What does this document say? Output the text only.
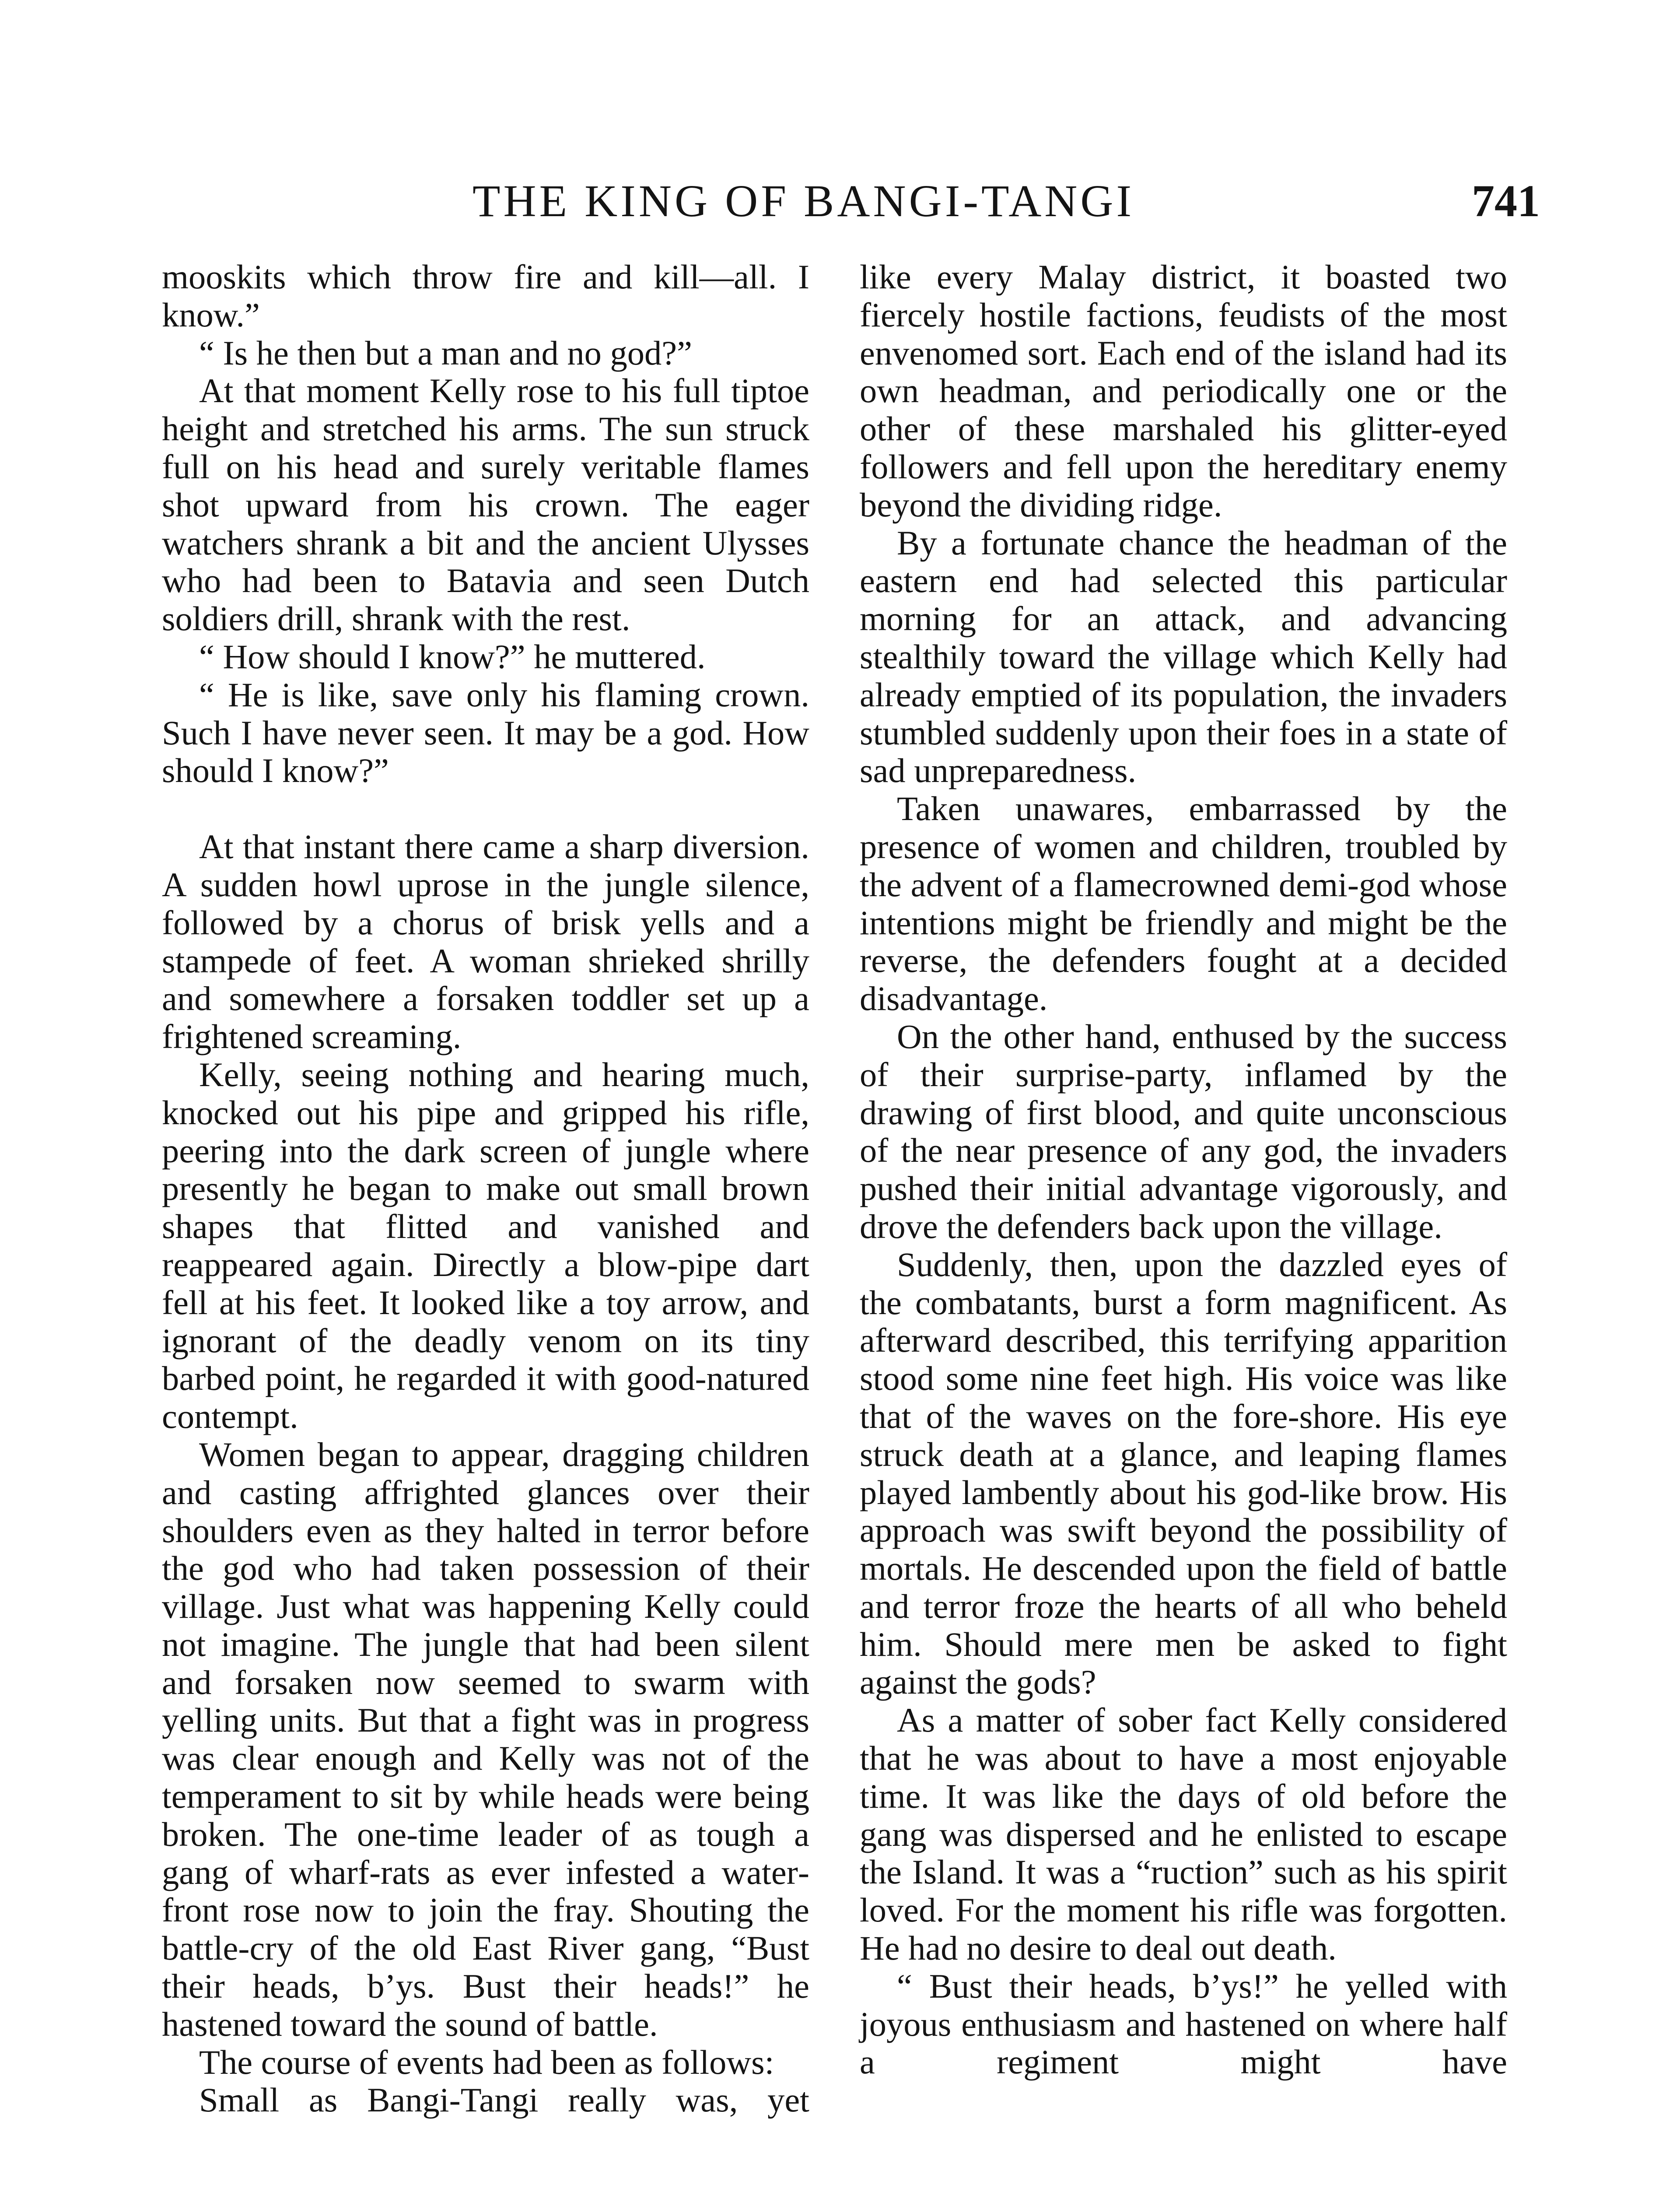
THE KING OF BANGI-TANGI	741

mooskits which throw fire and kill—all. I know.”

“ Is he then but a man and no god?”

At that moment Kelly rose to his full tiptoe height and stretched his arms. The sun struck full on his head and surely veritable flames shot upward from his crown. The eager watchers shrank a bit and the ancient Ulysses who had been to Batavia and seen Dutch soldiers drill, shrank with the rest.

“ How should I know?” he muttered.

“ He is like, save only his flaming crown. Such I have never seen. It may be a god. How should I know?”

At that instant there came a sharp diversion. A sudden howl uprose in the jungle silence, followed by a chorus of brisk yells and a stampede of feet. A woman shrieked shrilly and somewhere a forsaken toddler set up a frightened screaming.

Kelly, seeing nothing and hearing much, knocked out his pipe and gripped his rifle, peering into the dark screen of jungle where presently he began to make out small brown shapes that flitted and vanished and reappeared again. Directly a blow-pipe dart fell at his feet. It looked like a toy arrow, and ignorant of the deadly venom on its tiny barbed point, he regarded it with good-natured contempt.

Women began to appear, dragging children and casting affrighted glances over their shoulders even as they halted in terror before the god who had taken possession of their village. Just what was happening Kelly could not imagine. The jungle that had been silent and forsaken now seemed to swarm with yelling units. But that a fight was in progress was clear enough and Kelly was not of the temperament to sit by while heads were being broken. The one-time leader of as tough a gang of wharf-rats as ever infested a waterfront rose now to join the fray. Shouting the battle-cry of the old East River gang, “Bust their heads, b’ys. Bust their heads!” he hastened toward the sound of battle.

The course of events had been as follows:

Small as Bangi-Tangi really was, yet

like every Malay district, it boasted two fiercely hostile factions, feudists of the most envenomed sort. Each end of the island had its own headman, and periodically one or the other of these marshaled his glitter-eyed followers and fell upon the hereditary enemy beyond the dividing ridge.

By a fortunate chance the headman of the eastern end had selected this particular morning for an attack, and advancing stealthily toward the village which Kelly had already emptied of its population, the invaders stumbled suddenly upon their foes in a state of sad unpreparedness.

Taken unawares, embarrassed by the presence of women and children, troubled by the advent of a flamecrowned demi-god whose intentions might be friendly and might be the reverse, the defenders fought at a decided disadvantage.

On the other hand, enthused by the success of their surprise-party, inflamed by the drawing of first blood, and quite unconscious of the near presence of any god, the invaders pushed their initial advantage vigorously, and drove the defenders back upon the village.

Suddenly, then, upon the dazzled eyes of the combatants, burst a form magnificent. As afterward described, this terrifying apparition stood some nine feet high. His voice was like that of the waves on the fore-shore. His eye struck death at a glance, and leaping flames played lambently about his god-like brow. His approach was swift beyond the possibility of mortals. He descended upon the field of battle and terror froze the hearts of all who beheld him. Should mere men be asked to fight against the gods?

As a matter of sober fact Kelly considered that he was about to have a most enjoyable time. It was like the days of old before the gang was dispersed and he enlisted to escape the Island. It was a “ruction” such as his spirit loved. For the moment his rifle was forgotten. He had no desire to deal out death.

“ Bust their heads, b’ys!” he yelled with joyous enthusiasm and hastened on where half a regiment might have
